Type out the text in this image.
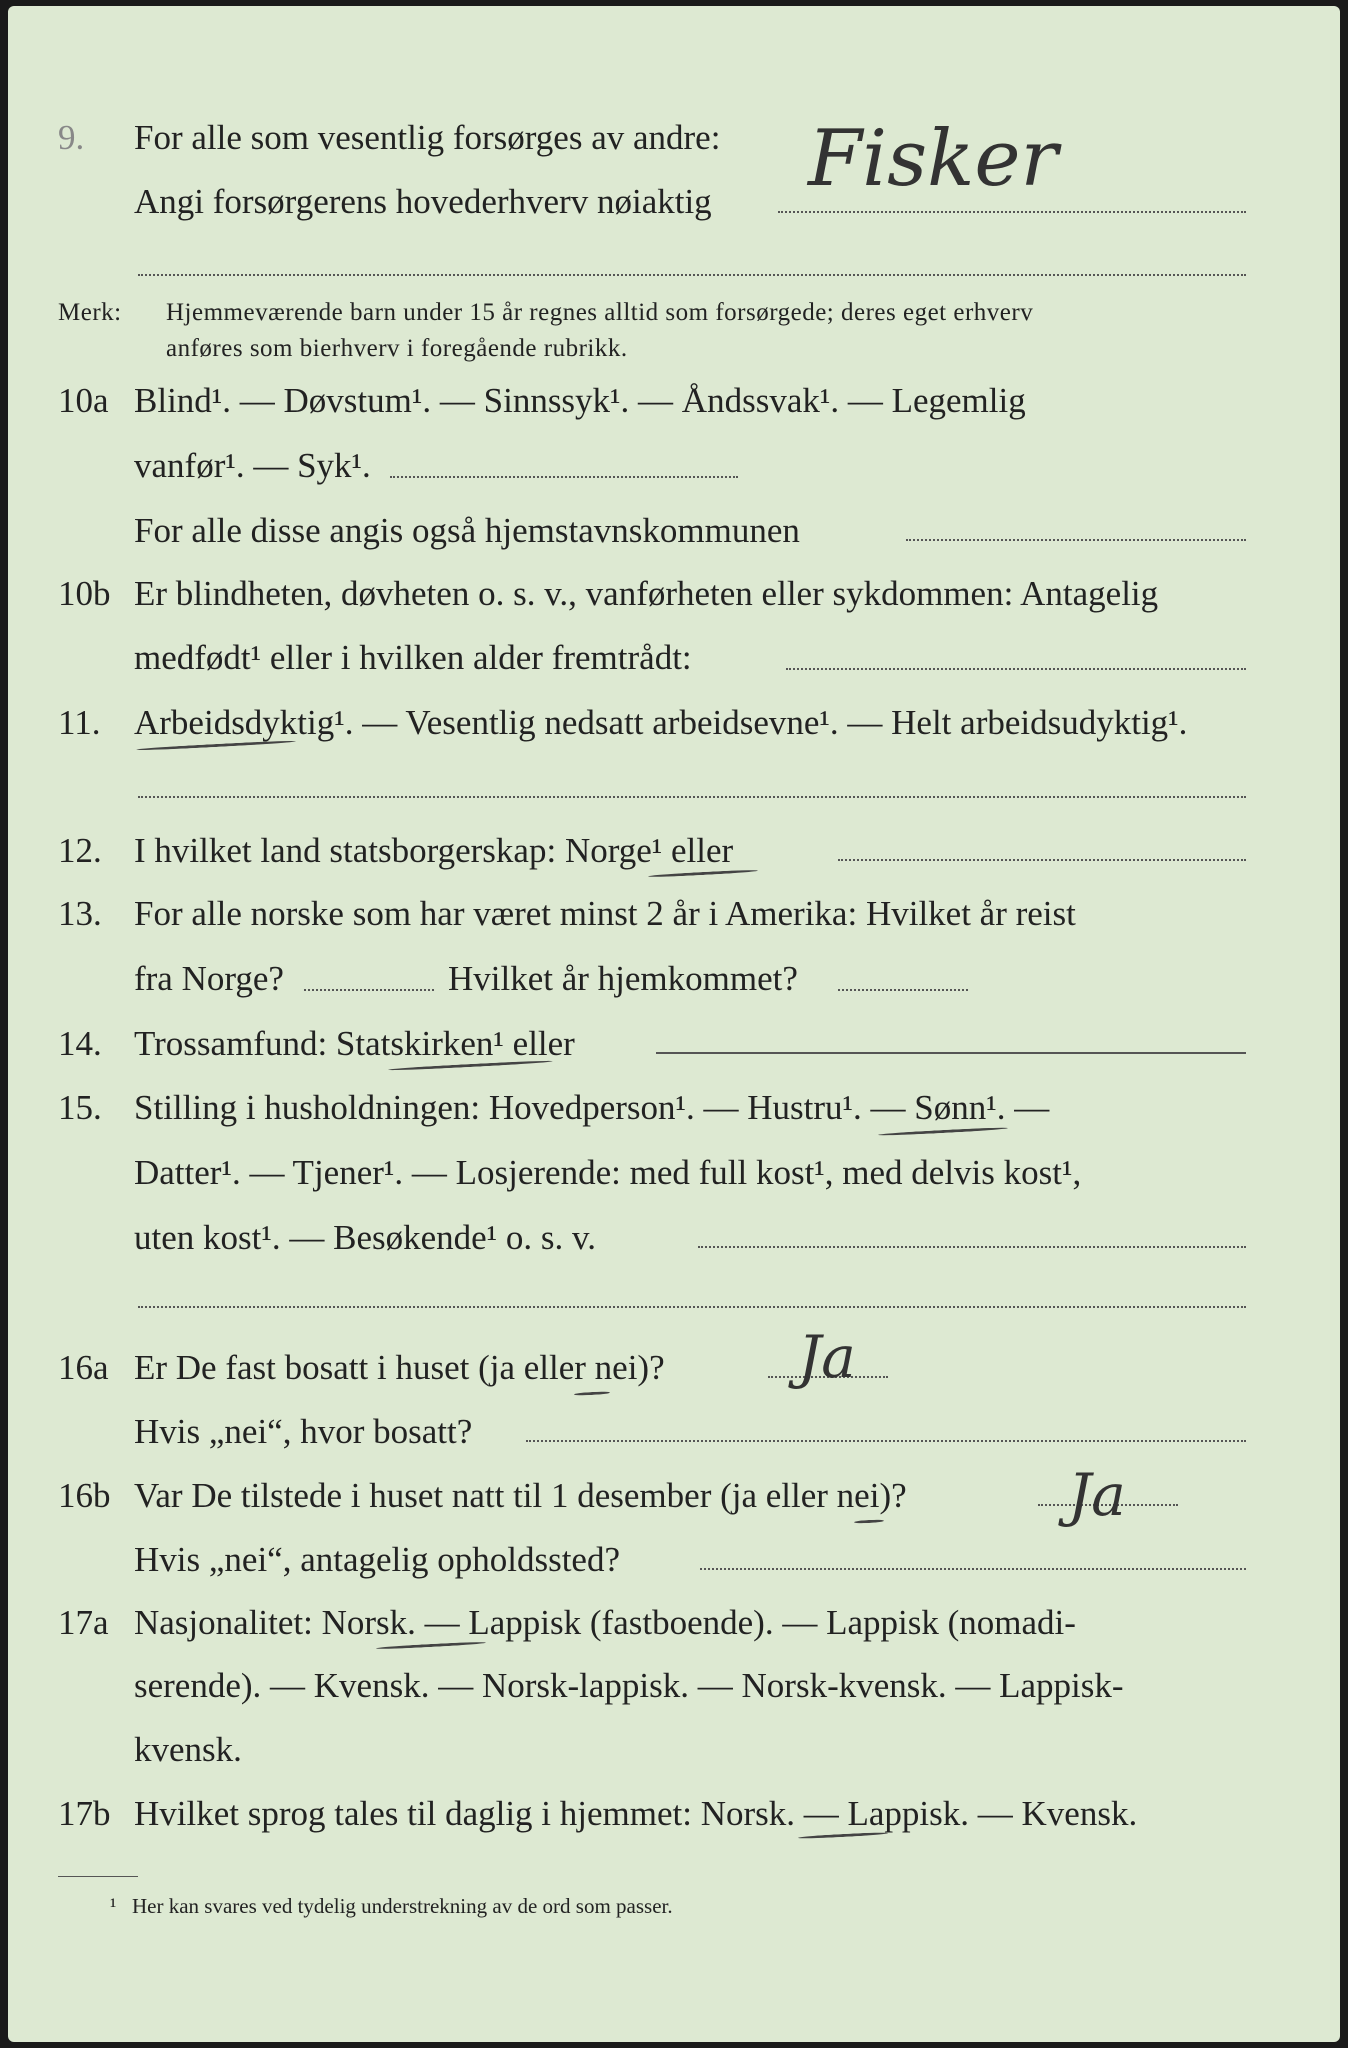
9. For alle som vesentlig forsørges av andre:
Angi forsørgerens hovederhverv nøiaktig Fisker
Merk: Hjemmeværende barn under 15 år regnes alltid som forsørgede; deres eget erhverv
anføres som bierhverv i foregående rubrikk.
10a Blind¹. — Døvstum¹. — Sinnssyk¹. — Åndssvak¹. — Legemlig
vanfør¹. — Syk¹.
For alle disse angis også hjemstavnskommunen
10b Er blindheten, døvheten o. s. v., vanførheten eller sykdommen: Antagelig
medfødt¹ eller i hvilken alder fremtrådt:
11. Arbeidsdyktig¹. — Vesentlig nedsatt arbeidsevne¹. — Helt arbeidsudyktig¹.
12. I hvilket land statsborgerskap: Norge¹ eller
13. For alle norske som har været minst 2 år i Amerika: Hvilket år reist
fra Norge?	Hvilket år hjemkommet?
14. Trossamfund: Statskirken¹ eller
15. Stilling i husholdningen: Hovedperson¹. — Hustru¹. — Sønn¹. —
Datter¹. — Tjener¹. — Losjerende: med full kost¹, med delvis kost¹,
uten kost¹. — Besøkende¹ o. s. v.
16a Er De fast bosatt i huset (ja eller nei)? Ja
Hvis „nei“, hvor bosatt?
16b Var De tilstede i huset natt til 1 desember (ja eller nei)?	Ja
Hvis „nei“, antagelig opholdssted?
17a Nasjonalitet: Norsk. — Lappisk (fastboende). — Lappisk (nomadi-
serende). — Kvensk. — Norsk-lappisk. — Norsk-kvensk. — Lappisk-
kvensk.
17b Hvilket sprog tales til daglig i hjemmet: Norsk. — Lappisk. — Kvensk.
¹ Her kan svares ved tydelig understrekning av de ord som passer.
